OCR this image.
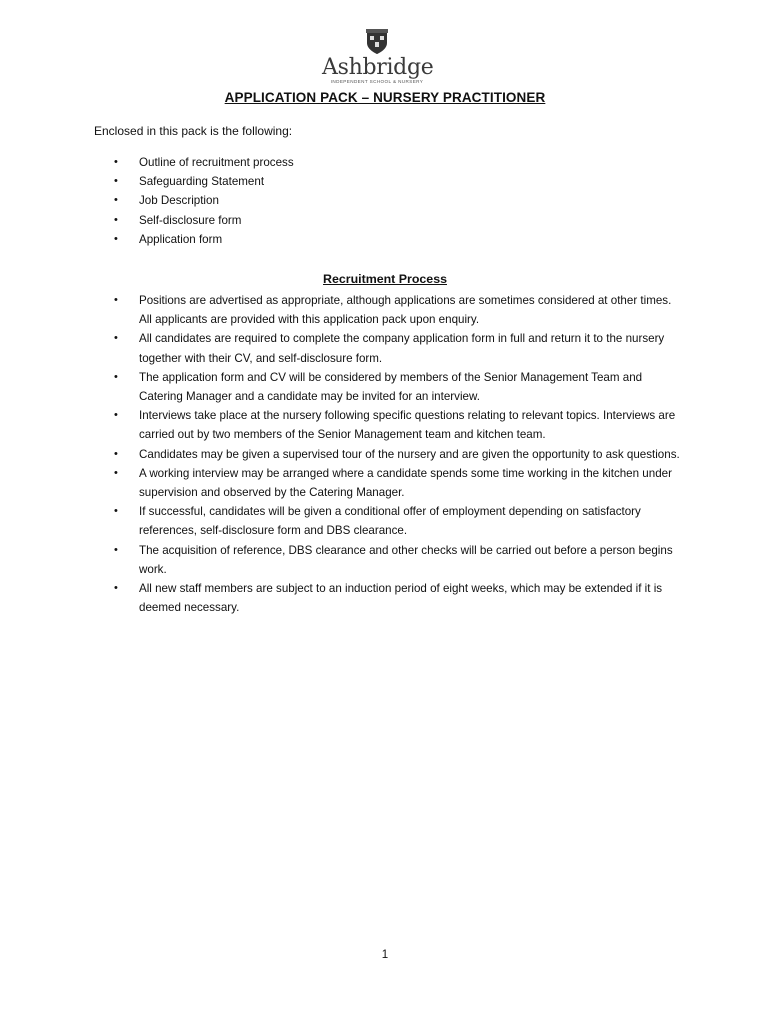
Ashbridge
INDEPENDENT SCHOOL & NURSERY
APPLICATION PACK – NURSERY PRACTITIONER
Enclosed in this pack is the following:
• Outline of recruitment process
• Safeguarding Statement
• Job Description
• Self-disclosure form
• Application form
Recruitment Process
• Positions are advertised as appropriate, although applications are sometimes considered at other times. All applicants are provided with this application pack upon enquiry.
• All candidates are required to complete the company application form in full and return it to the nursery together with their CV, and self-disclosure form.
• The application form and CV will be considered by members of the Senior Management Team and Catering Manager and a candidate may be invited for an interview.
• Interviews take place at the nursery following specific questions relating to relevant topics. Interviews are carried out by two members of the Senior Management team and kitchen team.
• Candidates may be given a supervised tour of the nursery and are given the opportunity to ask questions.
• A working interview may be arranged where a candidate spends some time working in the kitchen under supervision and observed by the Catering Manager.
• If successful, candidates will be given a conditional offer of employment depending on satisfactory references, self-disclosure form and DBS clearance.
• The acquisition of reference, DBS clearance and other checks will be carried out before a person begins work.
• All new staff members are subject to an induction period of eight weeks, which may be extended if it is deemed necessary.
1
